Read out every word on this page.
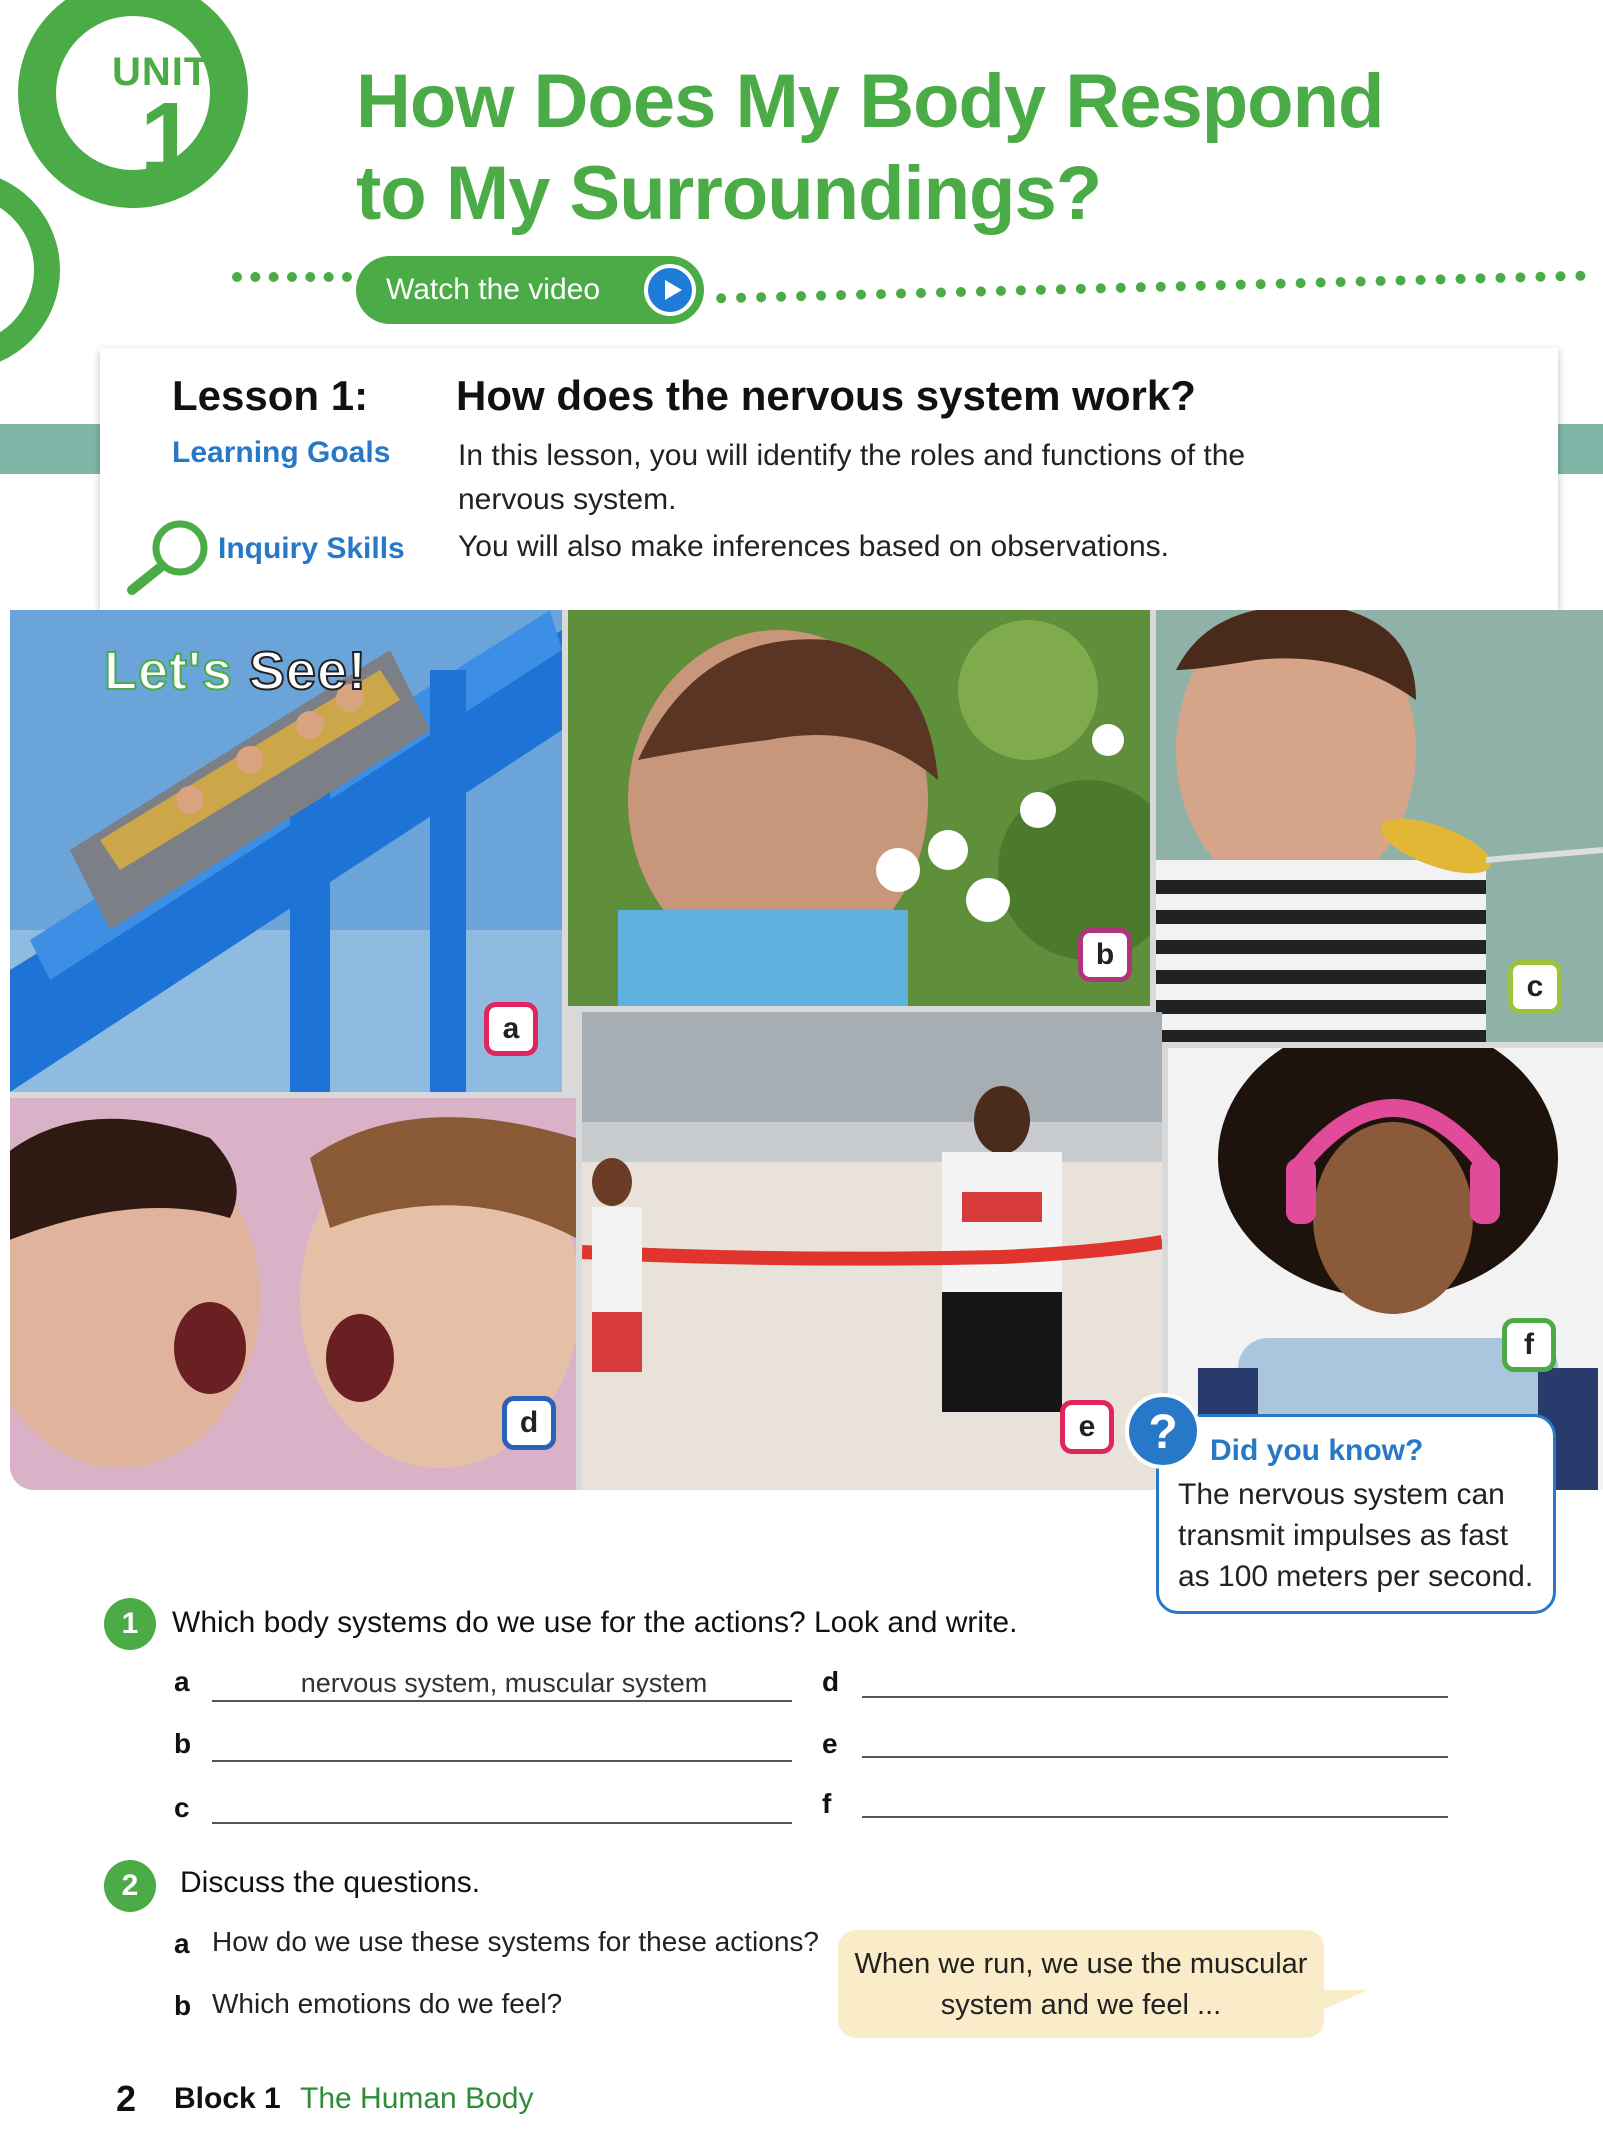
UNIT
1 How Does My Body Respond
to My Surroundings?
Watch the video
Lesson 1: How does the nervous system work?
Learning Goals In this lesson, you will identify the roles and functions of the nervous system.
Inquiry Skills You will also make inferences based on observations.
a
b
c
d	e
f
Let's See!
? Did you know?
The nervous system can transmit impulses as fast as 100 meters per second.
1 Which body systems do we use for the actions? Look and write.
a
nervous system, muscular system
b
c
d
e
f
2 Discuss the questions.
a How do we use these systems for these actions?
b Which emotions do we feel?
When we run, we use the muscular system and we feel ...
2 Block 1 The Human Body
